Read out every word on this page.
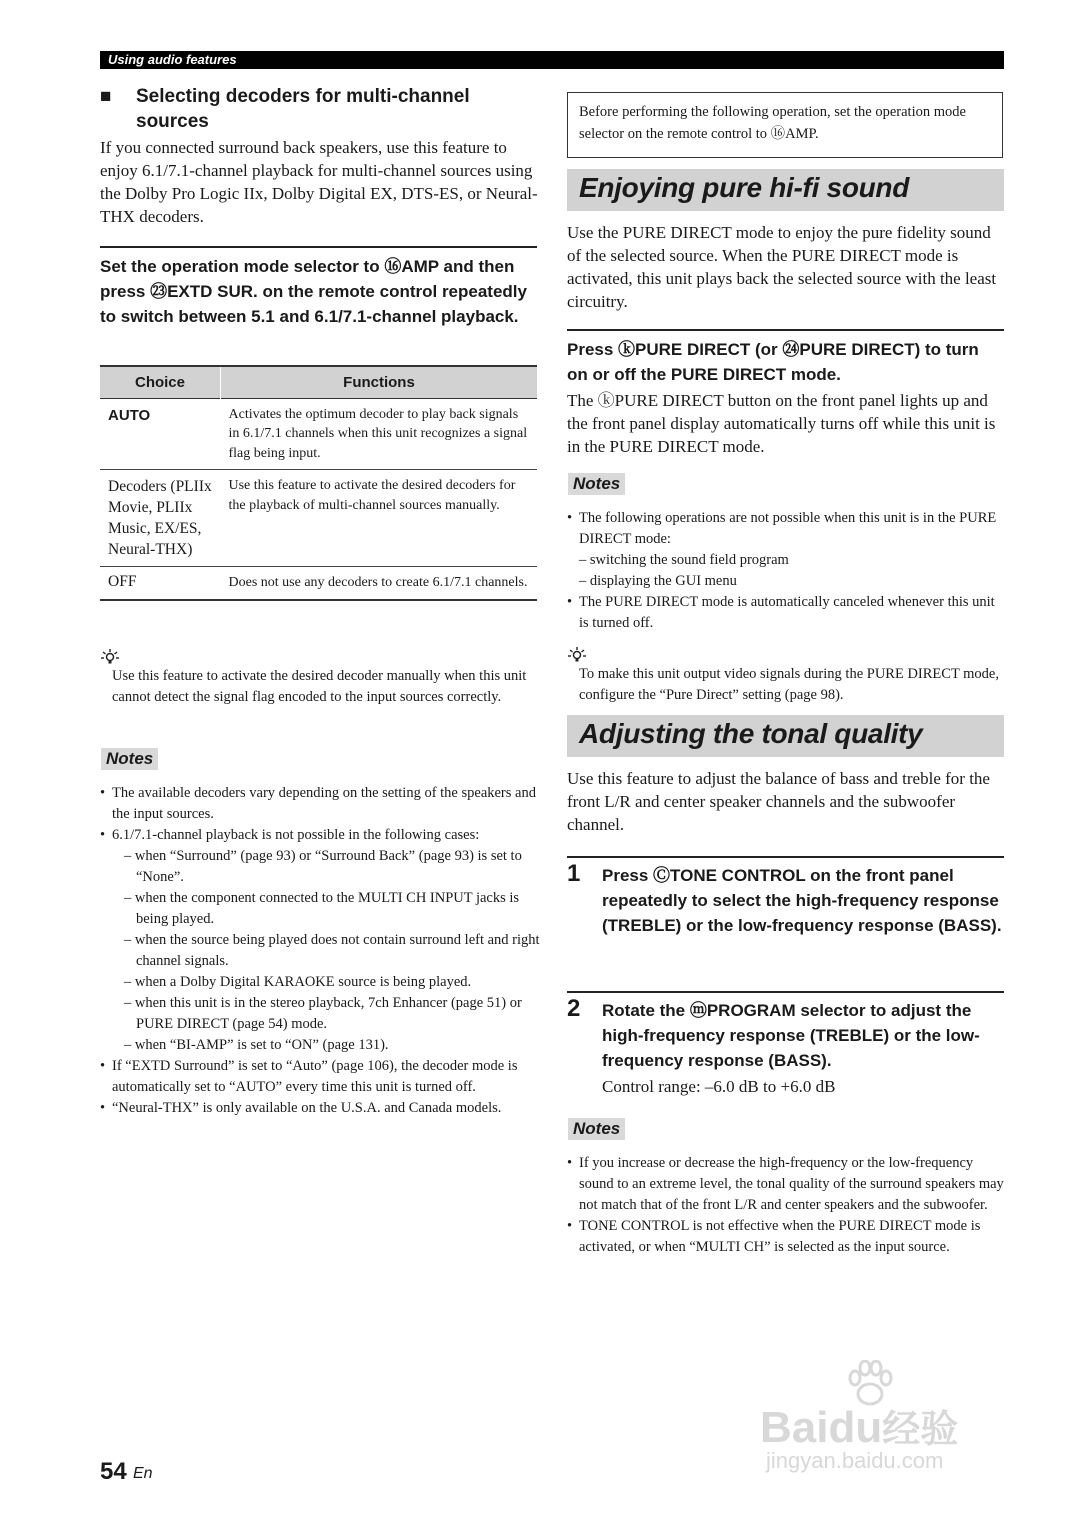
Using audio features
■	Selecting decoders for multi-channel sources
If you connected surround back speakers, use this feature to enjoy 6.1/7.1-channel playback for multi-channel sources using the Dolby Pro Logic IIx, Dolby Digital EX, DTS-ES, or Neural-THX decoders.
Set the operation mode selector to ⑯AMP and then press ㉓EXTD SUR. on the remote control repeatedly to switch between 5.1 and 6.1/7.1-channel playback.
Choice	Functions
AUTO	Activates the optimum decoder to play back signals in 6.1/7.1 channels when this unit recognizes a signal flag being input.
Decoders (PLIIx Movie, PLIIx Music, EX/ES, Neural-THX)	Use this feature to activate the desired decoders for the playback of multi-channel sources manually.
OFF	Does not use any decoders to create 6.1/7.1 channels.
Use this feature to activate the desired decoder manually when this unit cannot detect the signal flag encoded to the input sources correctly.
Notes
• The available decoders vary depending on the setting of the speakers and the input sources.
• 6.1/7.1-channel playback is not possible in the following cases:
– when “Surround” (page 93) or “Surround Back” (page 93) is set to “None”.
– when the component connected to the MULTI CH INPUT jacks is being played.
– when the source being played does not contain surround left and right channel signals.
– when a Dolby Digital KARAOKE source is being played.
– when this unit is in the stereo playback, 7ch Enhancer (page 51) or PURE DIRECT (page 54) mode.
– when “BI-AMP” is set to “ON” (page 131).
• If “EXTD Surround” is set to “Auto” (page 106), the decoder mode is automatically set to “AUTO” every time this unit is turned off.
• “Neural-THX” is only available on the U.S.A. and Canada models.
Before performing the following operation, set the operation mode selector on the remote control to ⑯AMP.
Enjoying pure hi-fi sound
Use the PURE DIRECT mode to enjoy the pure fidelity sound of the selected source. When the PURE DIRECT mode is activated, this unit plays back the selected source with the least circuitry.
Press ⓚPURE DIRECT (or ㉔PURE DIRECT) to turn on or off the PURE DIRECT mode.
The ⓚPURE DIRECT button on the front panel lights up and the front panel display automatically turns off while this unit is in the PURE DIRECT mode.
Notes
• The following operations are not possible when this unit is in the PURE DIRECT mode:
– switching the sound field program
– displaying the GUI menu
• The PURE DIRECT mode is automatically canceled whenever this unit is turned off.
To make this unit output video signals during the PURE DIRECT mode, configure the “Pure Direct” setting (page 98).
Adjusting the tonal quality
Use this feature to adjust the balance of bass and treble for the front L/R and center speaker channels and the subwoofer channel.
1 Press ⒸTONE CONTROL on the front panel repeatedly to select the high-frequency response (TREBLE) or the low-frequency response (BASS).
2 Rotate the ⓜPROGRAM selector to adjust the high-frequency response (TREBLE) or the low-frequency response (BASS).
Control range: –6.0 dB to +6.0 dB
Notes
• If you increase or decrease the high-frequency or the low-frequency sound to an extreme level, the tonal quality of the surround speakers may not match that of the front L/R and center speakers and the subwoofer.
• TONE CONTROL is not effective when the PURE DIRECT mode is activated, or when “MULTI CH” is selected as the input source.
54 En
Baidu经验
jingyan.baidu.com
